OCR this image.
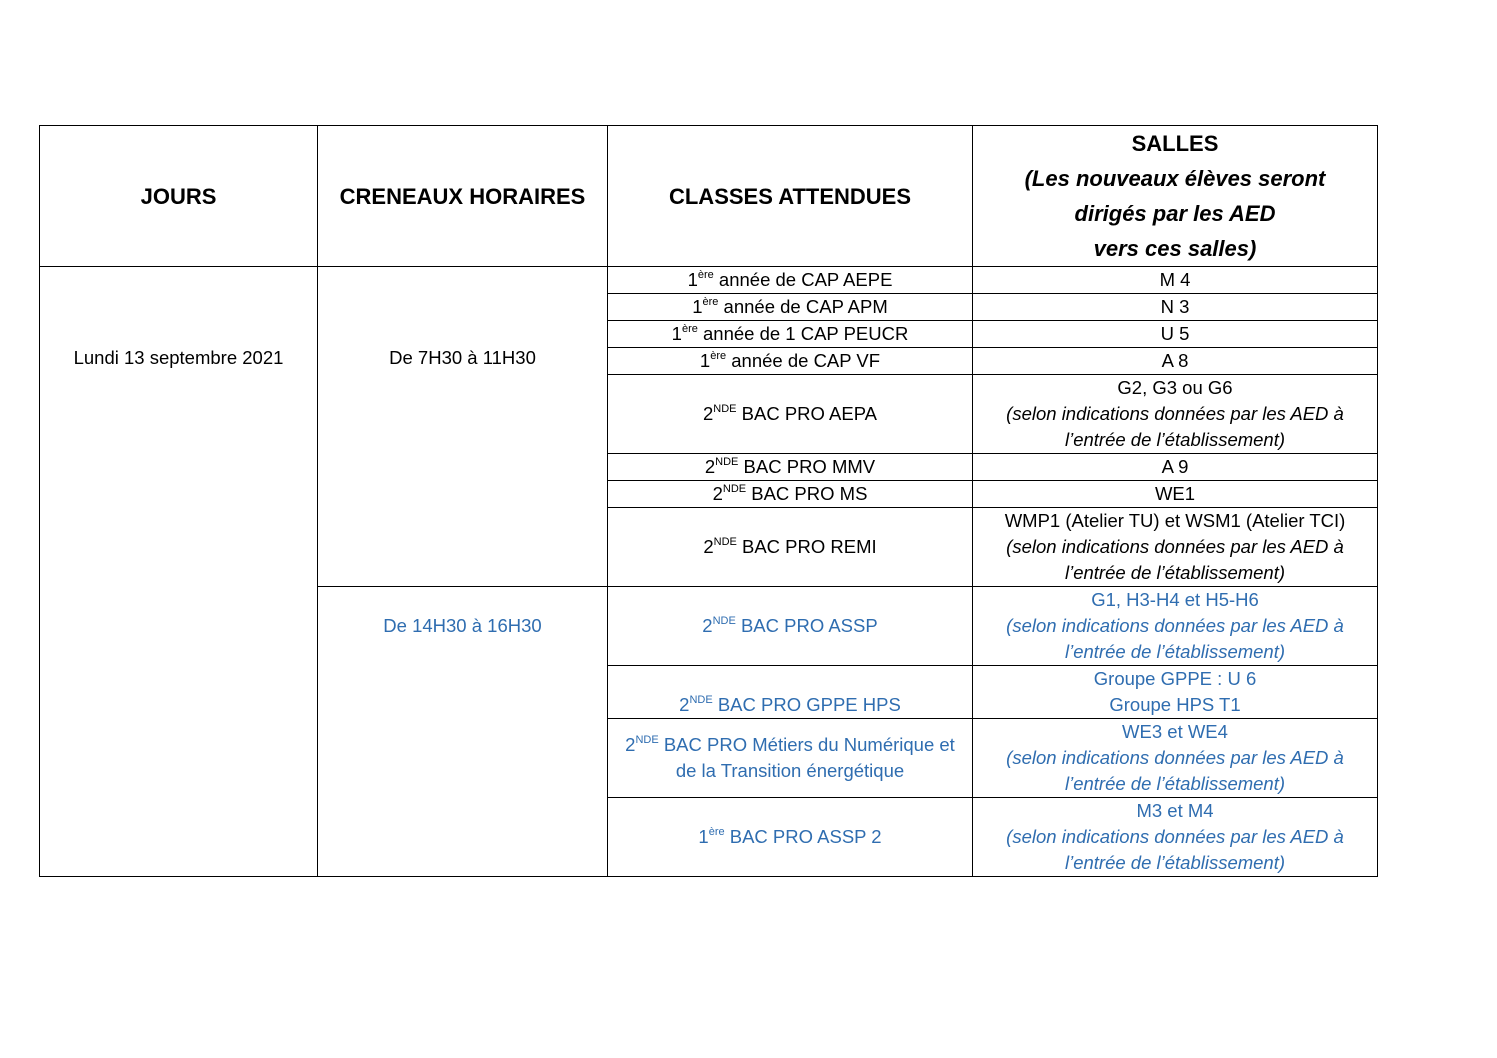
JOURS	CRENEAUX HORAIRES	CLASSES ATTENDUES	SALLES
(Les nouveaux élèves seront
dirigés par les AED
vers ces salles)

Lundi 13 septembre 2021	De 7H30 à 11H30	1ère année de CAP AEPE	M 4
		1ère année de CAP APM	N 3
		1ère année de 1 CAP PEUCR	U 5
		1ère année de CAP VF	A 8
		2NDE BAC PRO AEPA	G2, G3 ou G6
(selon indications données par les AED à
l’entrée de l’établissement)

		2NDE BAC PRO MMV	A 9
		2NDE BAC PRO MS	WE1
		2NDE BAC PRO REMI	WMP1 (Atelier TU) et WSM1 (Atelier TCI)
(selon indications données par les AED à
l’entrée de l’établissement)

	De 14H30 à 16H30	2NDE BAC PRO ASSP	G1, H3-H4 et H5-H6
(selon indications données par les AED à
l’entrée de l’établissement)

		2NDE BAC PRO GPPE HPS	Groupe GPPE : U 6
Groupe HPS T1

		2NDE BAC PRO Métiers du Numérique et
de la Transition énergétique	WE3 et WE4
(selon indications données par les AED à
l’entrée de l’établissement)

		1ère BAC PRO ASSP 2	M3 et M4
(selon indications données par les AED à
l’entrée de l’établissement)
